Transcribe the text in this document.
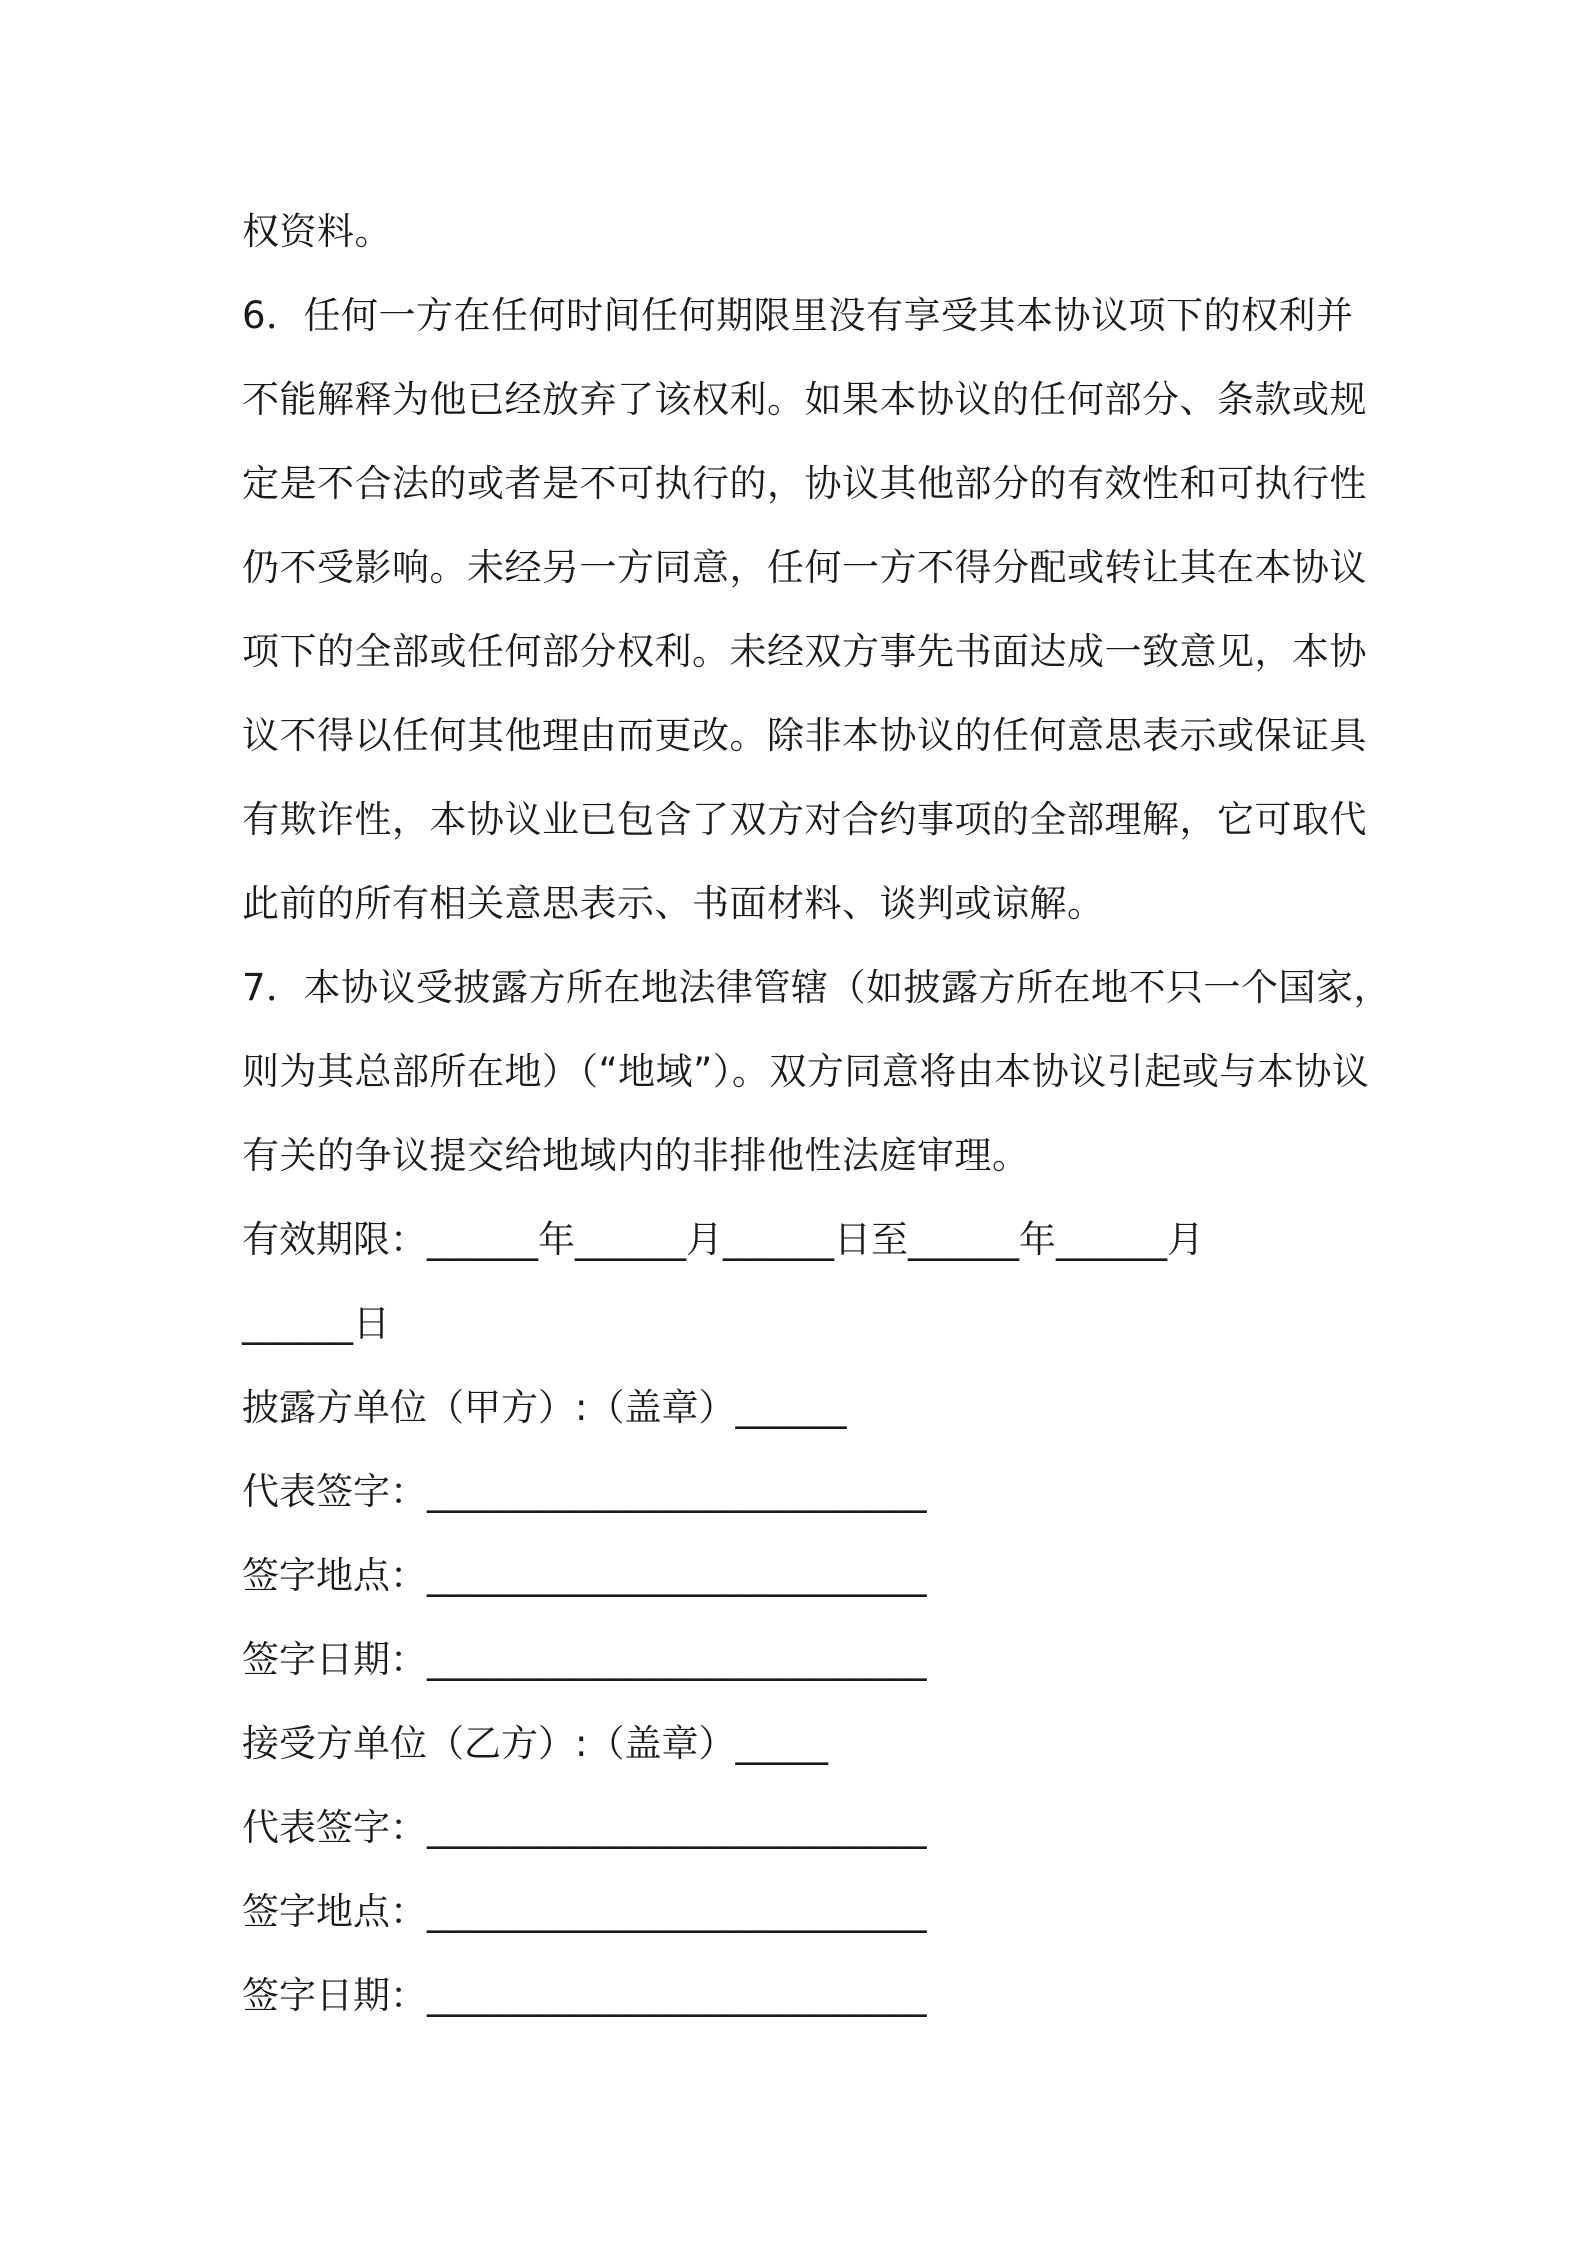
权资料。
6．任何一方在任何时间任何期限里没有享受其本协议项下的权利并
不能解释为他已经放弃了该权利。如果本协议的任何部分、条款或规
定是不合法的或者是不可执行的，协议其他部分的有效性和可执行性
仍不受影响。未经另一方同意，任何一方不得分配或转让其在本协议
项下的全部或任何部分权利。未经双方事先书面达成一致意见，本协
议不得以任何其他理由而更改。除非本协议的任何意思表示或保证具
有欺诈性，本协议业已包含了双方对合约事项的全部理解，它可取代
此前的所有相关意思表示、书面材料、谈判或谅解。
7．本协议受披露方所在地法律管辖（如披露方所在地不只一个国家，
则为其总部所在地）（“地域”）。双方同意将由本协议引起或与本协议
有关的争议提交给地域内的非排他性法庭审理。
有效期限：______年______月______日至______年______月
______日
披露方单位（甲方）:（盖章）______
代表签字：___________________________
签字地点：___________________________
签字日期：___________________________
接受方单位（乙方）:（盖章）_____
代表签字：___________________________
签字地点：___________________________
签字日期：___________________________
